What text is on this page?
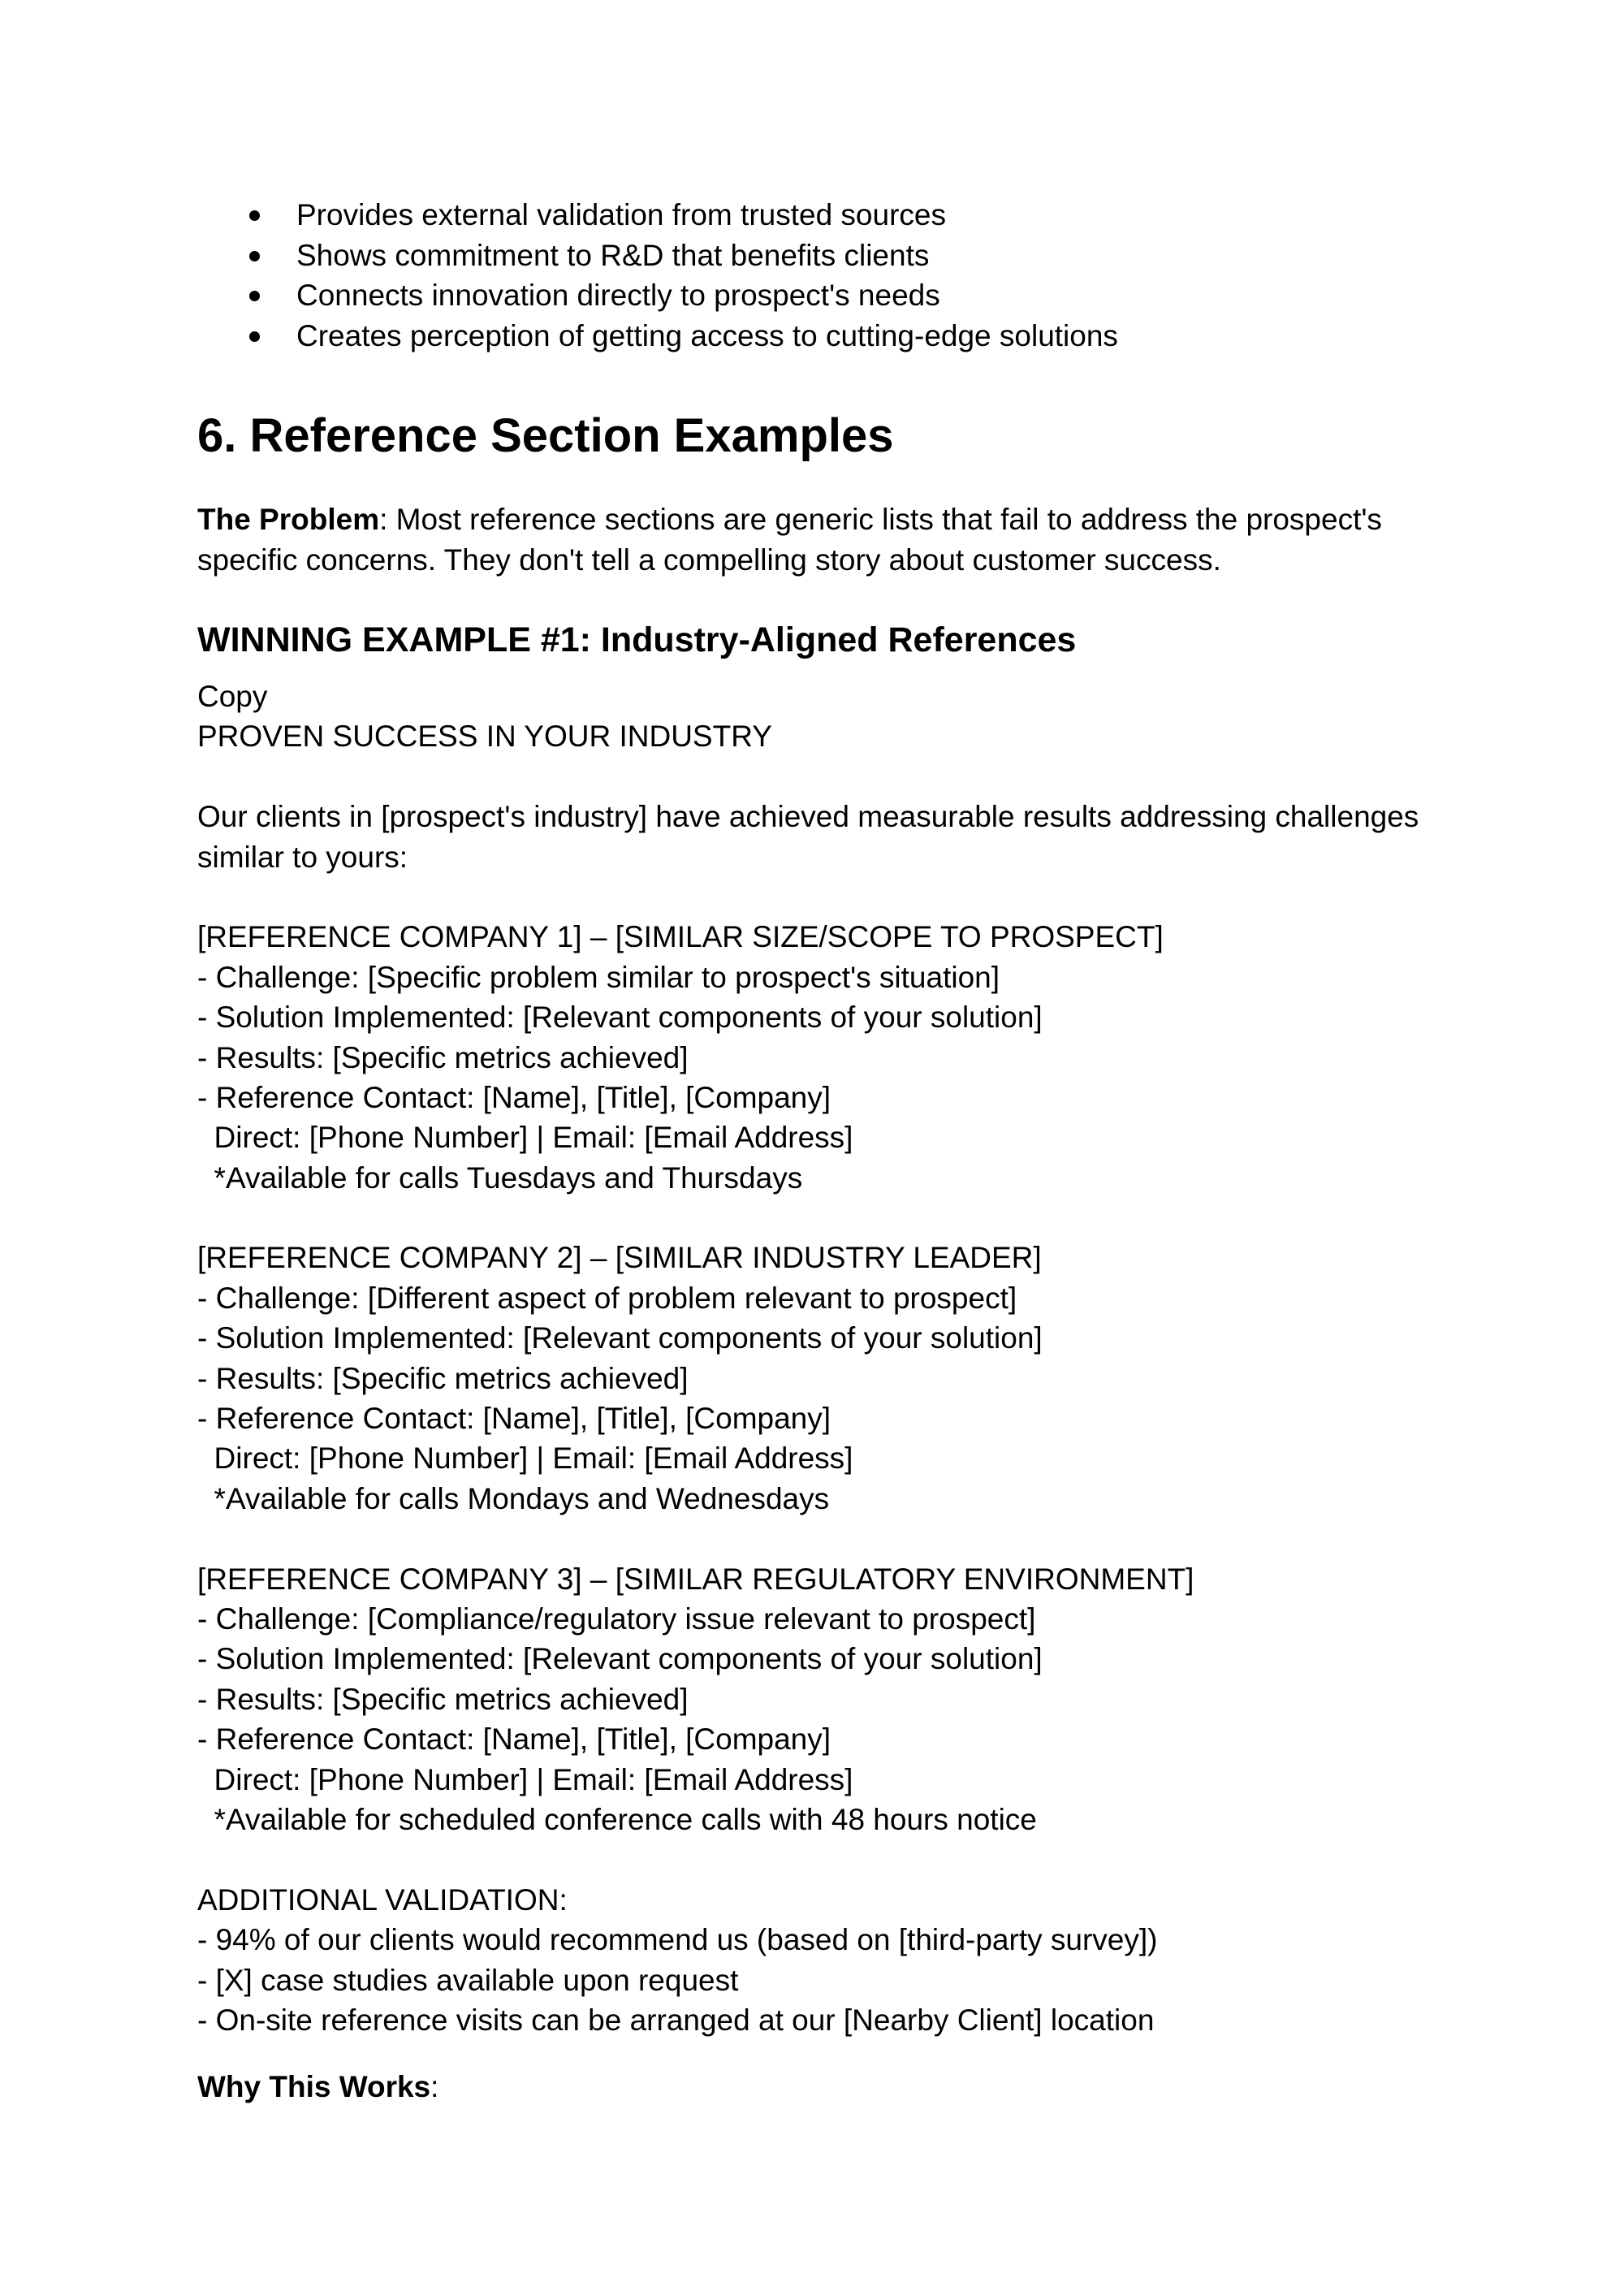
Provides external validation from trusted sources
Shows commitment to R&D that benefits clients
Connects innovation directly to prospect's needs
Creates perception of getting access to cutting-edge solutions
6. Reference Section Examples

The Problem: Most reference sections are generic lists that fail to address the prospect's specific concerns. They don't tell a compelling story about customer success.

WINNING EXAMPLE #1: Industry-Aligned References
Copy
PROVEN SUCCESS IN YOUR INDUSTRY
Our clients in [prospect's industry] have achieved measurable results addressing challenges
similar to yours:
[REFERENCE COMPANY 1] – [SIMILAR SIZE/SCOPE TO PROSPECT]
- Challenge: [Specific problem similar to prospect's situation]
- Solution Implemented: [Relevant components of your solution]
- Results: [Specific metrics achieved]
- Reference Contact: [Name], [Title], [Company]
Direct: [Phone Number] | Email: [Email Address]
*Available for calls Tuesdays and Thursdays
[REFERENCE COMPANY 2] – [SIMILAR INDUSTRY LEADER]
- Challenge: [Different aspect of problem relevant to prospect]
- Solution Implemented: [Relevant components of your solution]
- Results: [Specific metrics achieved]
- Reference Contact: [Name], [Title], [Company]
Direct: [Phone Number] | Email: [Email Address]
*Available for calls Mondays and Wednesdays
[REFERENCE COMPANY 3] – [SIMILAR REGULATORY ENVIRONMENT]
- Challenge: [Compliance/regulatory issue relevant to prospect]
- Solution Implemented: [Relevant components of your solution]
- Results: [Specific metrics achieved]
- Reference Contact: [Name], [Title], [Company]
Direct: [Phone Number] | Email: [Email Address]
*Available for scheduled conference calls with 48 hours notice
ADDITIONAL VALIDATION:
- 94% of our clients would recommend us (based on [third-party survey])
- [X] case studies available upon request
- On-site reference visits can be arranged at our [Nearby Client] location

Why This Works:
